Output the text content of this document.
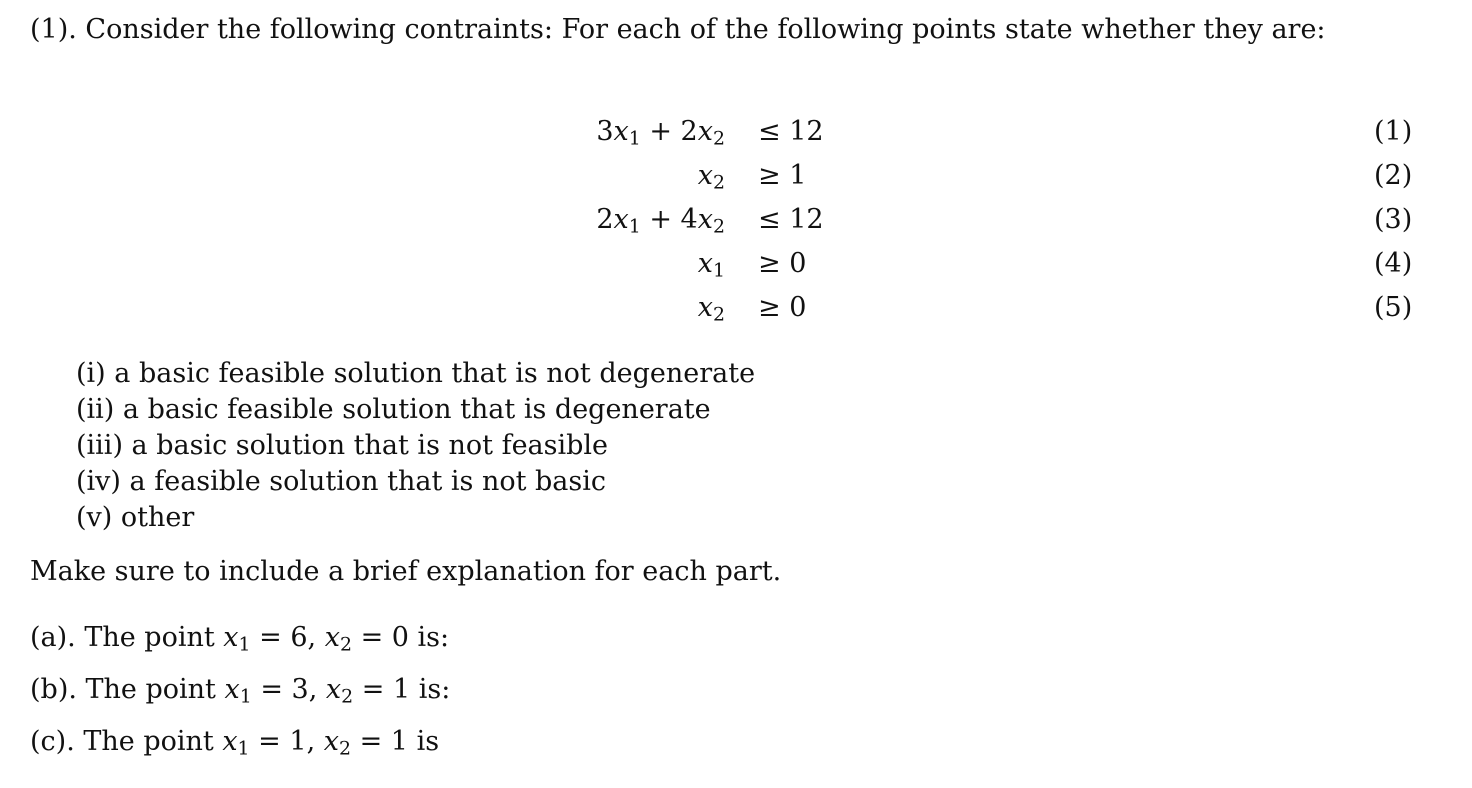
(1). Consider the following contraints: For each of the following points state whether they are:
$3x_1 + 2x_2 \le 12$	(1)
$x_2 \ge 1$	(2)
$2x_1 + 4x_2 \le 12$	(3)
$x_1 \ge 0$	(4)
$x_2 \ge 0$	(5)
(i) a basic feasible solution that is not degenerate
(ii) a basic feasible solution that is degenerate
(iii) a basic solution that is not feasible
(iv) a feasible solution that is not basic
(v) other
Make sure to include a brief explanation for each part.
(a). The point $x_1 = 6$, $x_2 = 0$ is:
(b). The point $x_1 = 3$, $x_2 = 1$ is:
(c). The point $x_1 = 1$, $x_2 = 1$ is
